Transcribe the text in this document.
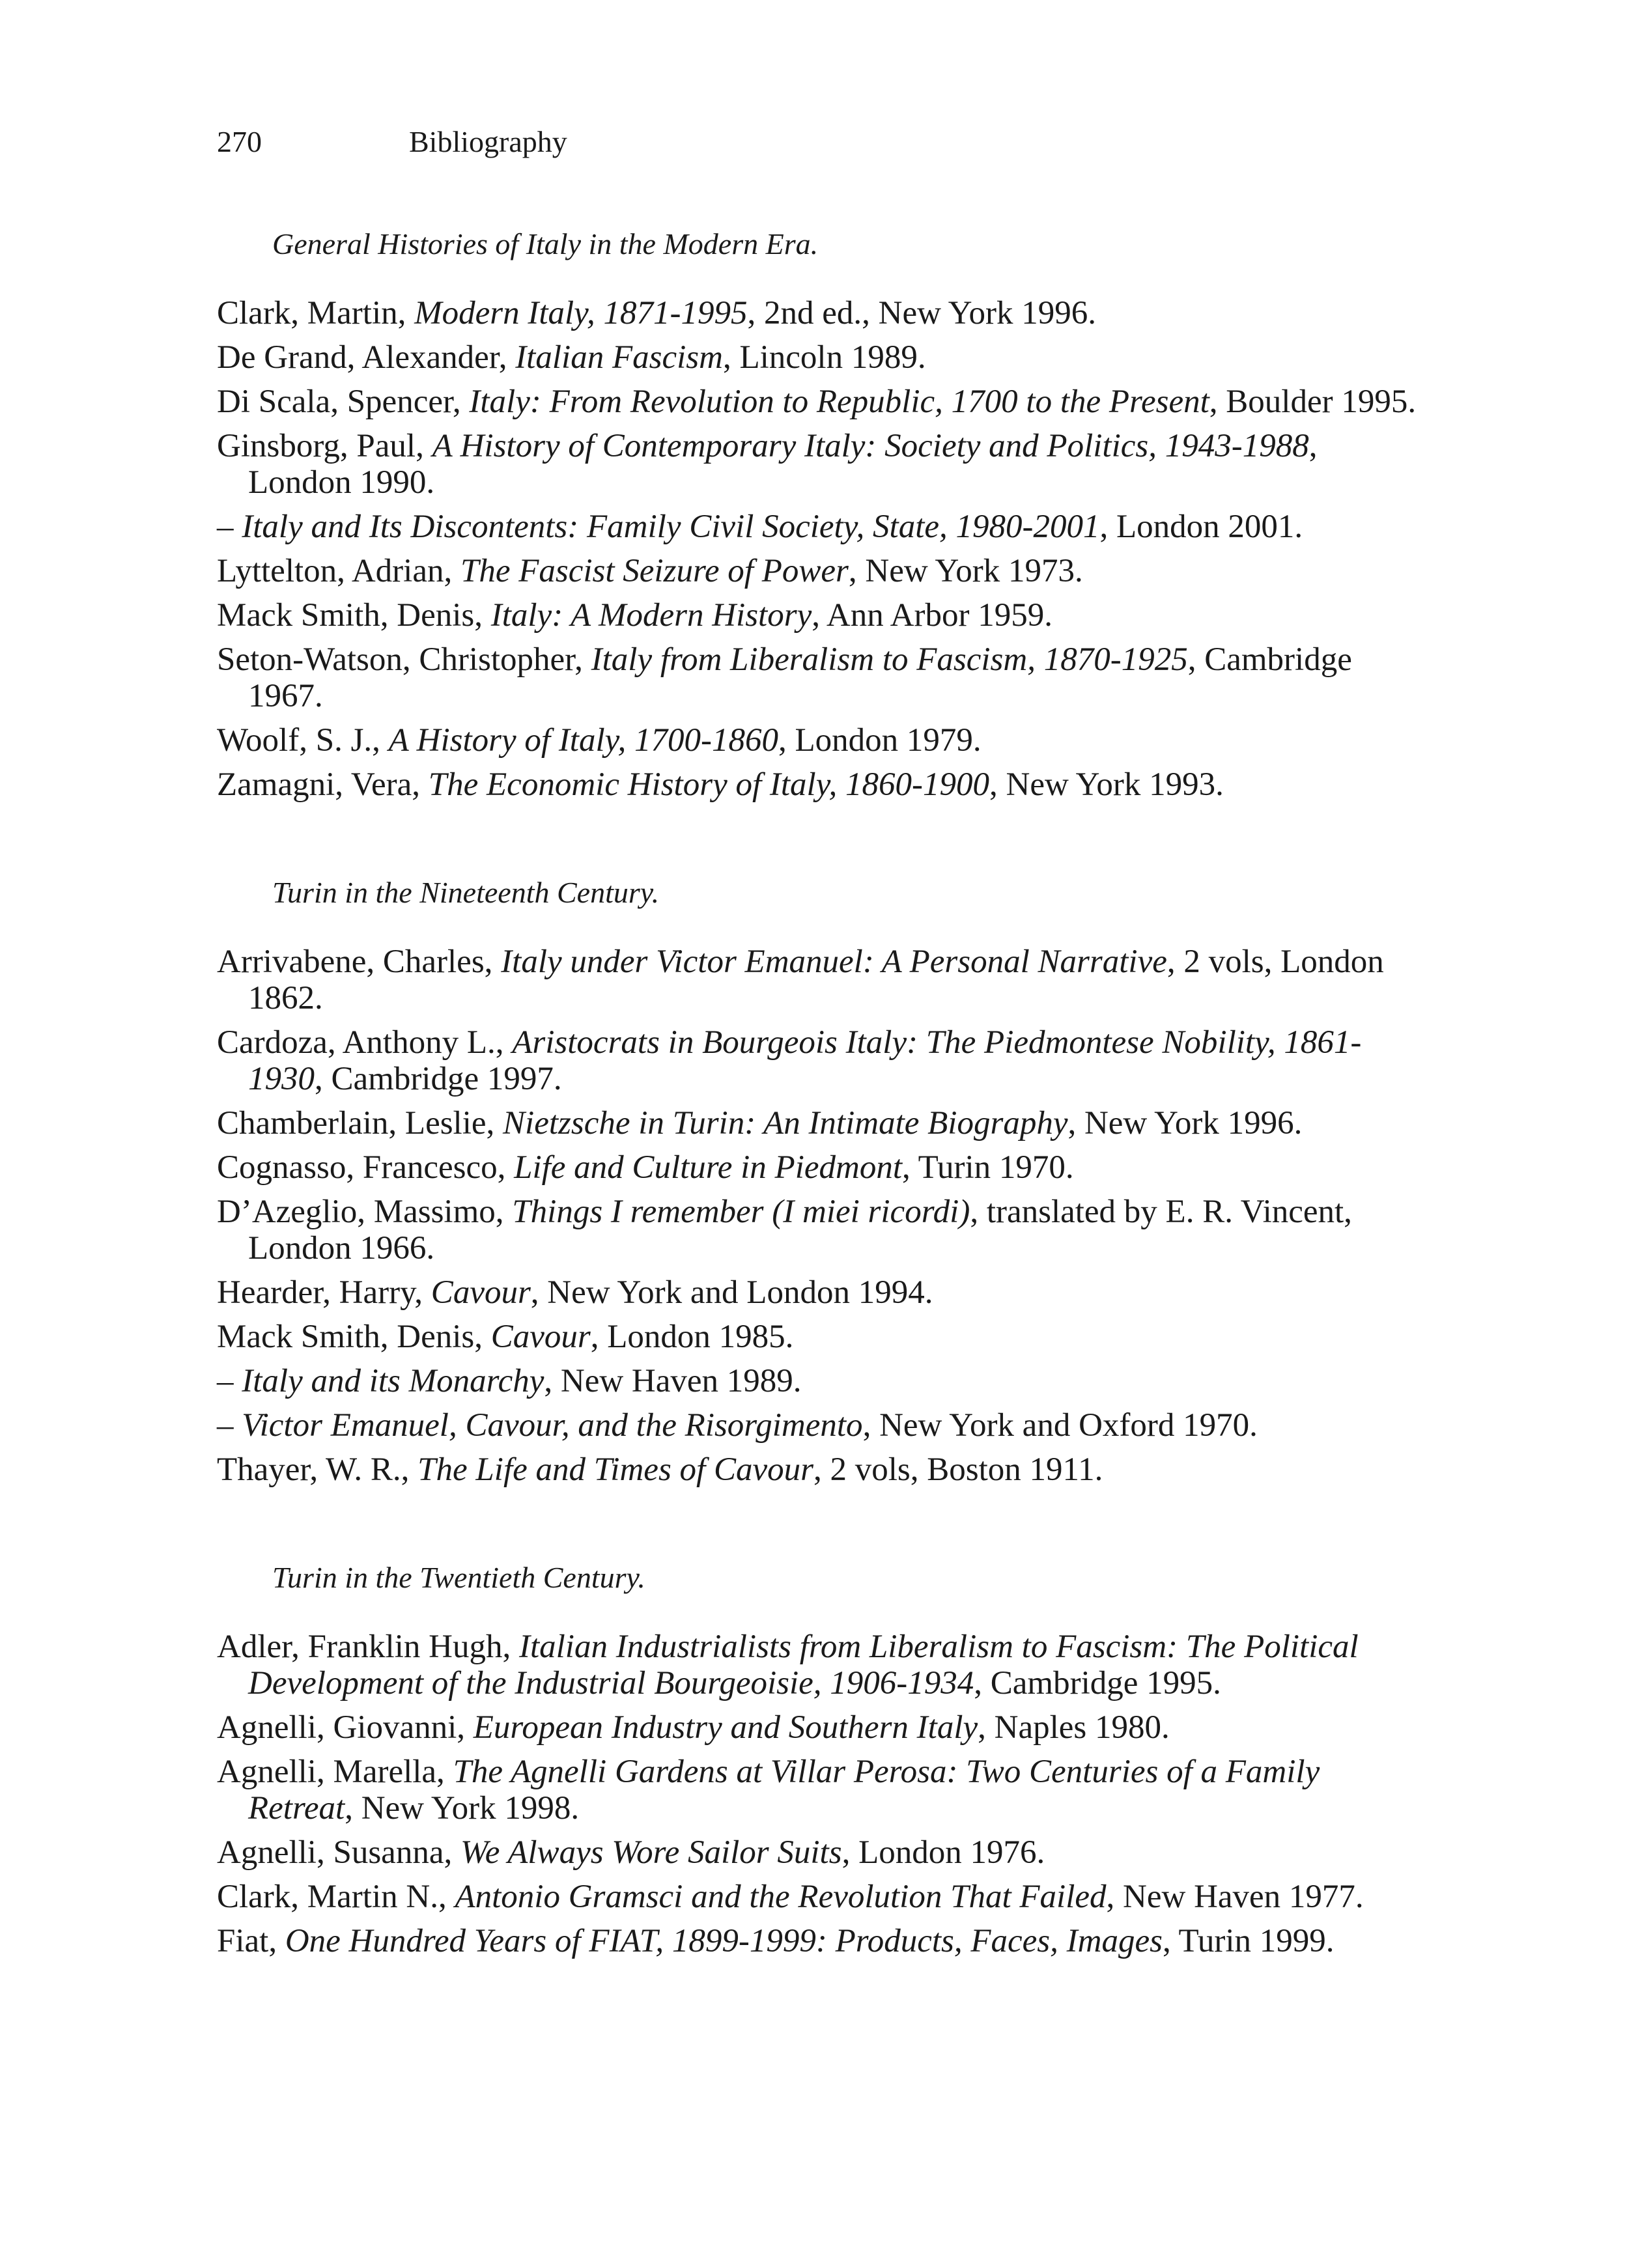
270	Bibliography
General Histories of Italy in the Modern Era.
Clark, Martin, Modern Italy, 1871-1995, 2nd ed., New York 1996.
De Grand, Alexander, Italian Fascism, Lincoln 1989.
Di Scala, Spencer, Italy: From Revolution to Republic, 1700 to the Present, Boulder 1995.
Ginsborg, Paul, A History of Contemporary Italy: Society and Politics, 1943-1988, London 1990.
– Italy and Its Discontents: Family Civil Society, State, 1980-2001, London 2001.
Lyttelton, Adrian, The Fascist Seizure of Power, New York 1973.
Mack Smith, Denis, Italy: A Modern History, Ann Arbor 1959.
Seton-Watson, Christopher, Italy from Liberalism to Fascism, 1870-1925, Cambridge 1967.
Woolf, S. J., A History of Italy, 1700-1860, London 1979.
Zamagni, Vera, The Economic History of Italy, 1860-1900, New York 1993.
Turin in the Nineteenth Century.
Arrivabene, Charles, Italy under Victor Emanuel: A Personal Narrative, 2 vols, London 1862.
Cardoza, Anthony L., Aristocrats in Bourgeois Italy: The Piedmontese Nobility, 1861-1930, Cambridge 1997.
Chamberlain, Leslie, Nietzsche in Turin: An Intimate Biography, New York 1996.
Cognasso, Francesco, Life and Culture in Piedmont, Turin 1970.
D’Azeglio, Massimo, Things I remember (I miei ricordi), translated by E. R. Vincent, London 1966.
Hearder, Harry, Cavour, New York and London 1994.
Mack Smith, Denis, Cavour, London 1985.
– Italy and its Monarchy, New Haven 1989.
– Victor Emanuel, Cavour, and the Risorgimento, New York and Oxford 1970.
Thayer, W. R., The Life and Times of Cavour, 2 vols, Boston 1911.
Turin in the Twentieth Century.
Adler, Franklin Hugh, Italian Industrialists from Liberalism to Fascism: The Political Development of the Industrial Bourgeoisie, 1906-1934, Cambridge 1995.
Agnelli, Giovanni, European Industry and Southern Italy, Naples 1980.
Agnelli, Marella, The Agnelli Gardens at Villar Perosa: Two Centuries of a Family Retreat, New York 1998.
Agnelli, Susanna, We Always Wore Sailor Suits, London 1976.
Clark, Martin N., Antonio Gramsci and the Revolution That Failed, New Haven 1977.
Fiat, One Hundred Years of FIAT, 1899-1999: Products, Faces, Images, Turin 1999.
